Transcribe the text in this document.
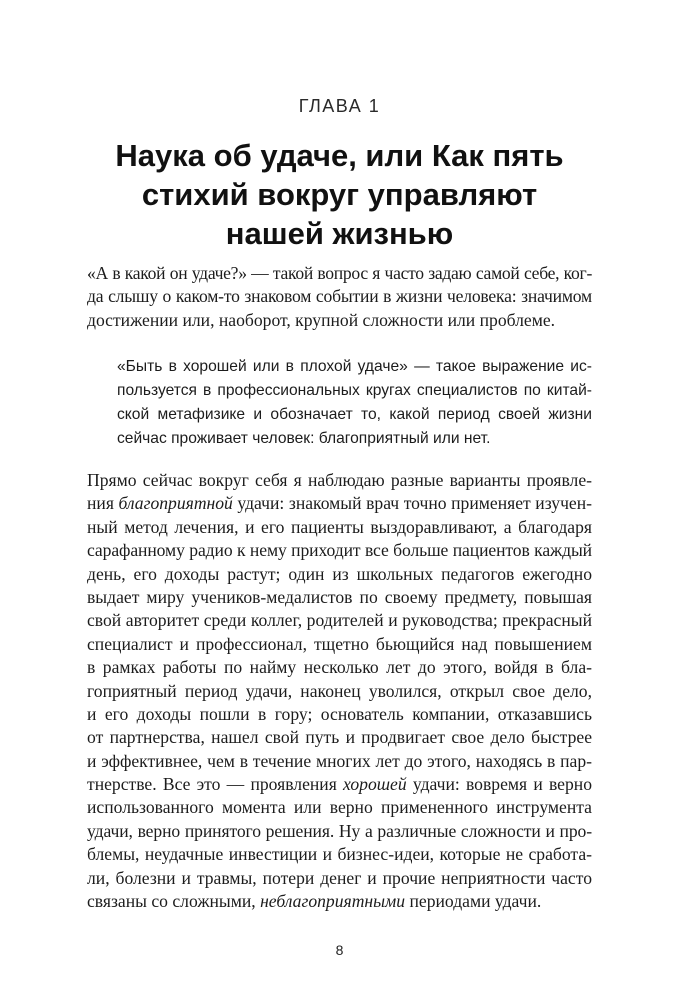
ГЛАВА 1
Наука об удаче, или Как пять
стихий вокруг управляют
нашей жизнью
«А в какой он удаче?» — такой вопрос я часто задаю самой себе, ког-
да слышу о каком-то знаковом событии в жизни человека: значимом
достижении или, наоборот, крупной сложности или проблеме.
«Быть в хорошей или в плохой удаче» — такое выражение ис-
пользуется в профессиональных кругах специалистов по китай-
ской метафизике и обозначает то, какой период своей жизни
сейчас проживает человек: благоприятный или нет.
Прямо сейчас вокруг себя я наблюдаю разные варианты проявле-
ния благоприятной удачи: знакомый врач точно применяет изучен-
ный метод лечения, и его пациенты выздоравливают, а благодаря
сарафанному радио к нему приходит все больше пациентов каждый
день, его доходы растут; один из школьных педагогов ежегодно
выдает миру учеников-медалистов по своему предмету, повышая
свой авторитет среди коллег, родителей и руководства; прекрасный
специалист и профессионал, тщетно бьющийся над повышением
в рамках работы по найму несколько лет до этого, войдя в бла-
гоприятный период удачи, наконец уволился, открыл свое дело,
и его доходы пошли в гору; основатель компании, отказавшись
от партнерства, нашел свой путь и продвигает свое дело быстрее
и эффективнее, чем в течение многих лет до этого, находясь в пар-
тнерстве. Все это — проявления хорошей удачи: вовремя и верно
использованного момента или верно примененного инструмента
удачи, верно принятого решения. Ну а различные сложности и про-
блемы, неудачные инвестиции и бизнес-идеи, которые не сработа-
ли, болезни и травмы, потери денег и прочие неприятности часто
связаны со сложными, неблагоприятными периодами удачи.
8
